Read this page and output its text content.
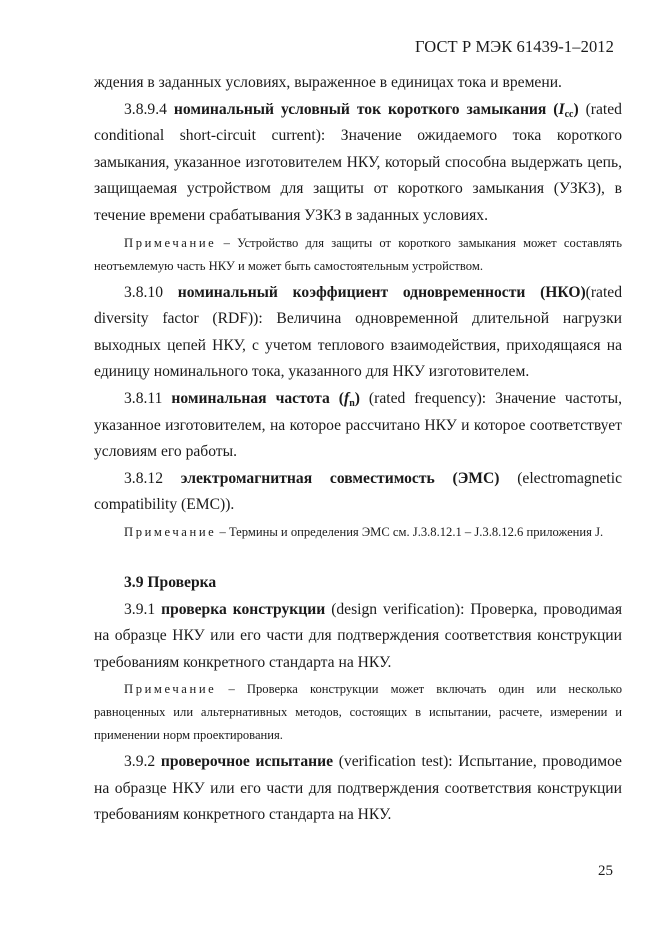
ГОСТ Р МЭК 61439-1–2012

ждения в заданных условиях, выраженное в единицах тока и времени.

3.8.9.4 номинальный условный ток короткого замыкания $(I_{cc})$ (rated conditional short-circuit current): Значение ожидаемого тока короткого замыкания, указанное изготовителем НКУ, который способна выдержать цепь, защищаемая устройством для защиты от короткого замыкания (УЗКЗ), в течение времени срабатывания УЗКЗ в заданных условиях.

Примечание – Устройство для защиты от короткого замыкания может составлять неотъемлемую часть НКУ и может быть самостоятельным устройством.

3.8.10 номинальный коэффициент одновременности (НКО)(rated diversity factor (RDF)): Величина одновременной длительной нагрузки выходных цепей НКУ, с учетом теплового взаимодействия, приходящаяся на единицу номинального тока, указанного для НКУ изготовителем.

3.8.11 номинальная частота $(f_n)$ (rated frequency): Значение частоты, указанное изготовителем, на которое рассчитано НКУ и которое соответствует условиям его работы.

3.8.12 электромагнитная совместимость (ЭМС) (electromagnetic compatibility (EMC)).

Примечание – Термины и определения ЭМС см. J.3.8.12.1 – J.3.8.12.6 приложения J.

3.9 Проверка

3.9.1 проверка конструкции (design verification): Проверка, проводимая на образце НКУ или его части для подтверждения соответствия конструкции требованиям конкретного стандарта на НКУ.

Примечание – Проверка конструкции может включать один или несколько равноценных или альтернативных методов, состоящих в испытании, расчете, измерении и применении норм проектирования.

3.9.2 проверочное испытание (verification test): Испытание, проводимое на образце НКУ или его части для подтверждения соответствия конструкции требованиям конкретного стандарта на НКУ.

25
